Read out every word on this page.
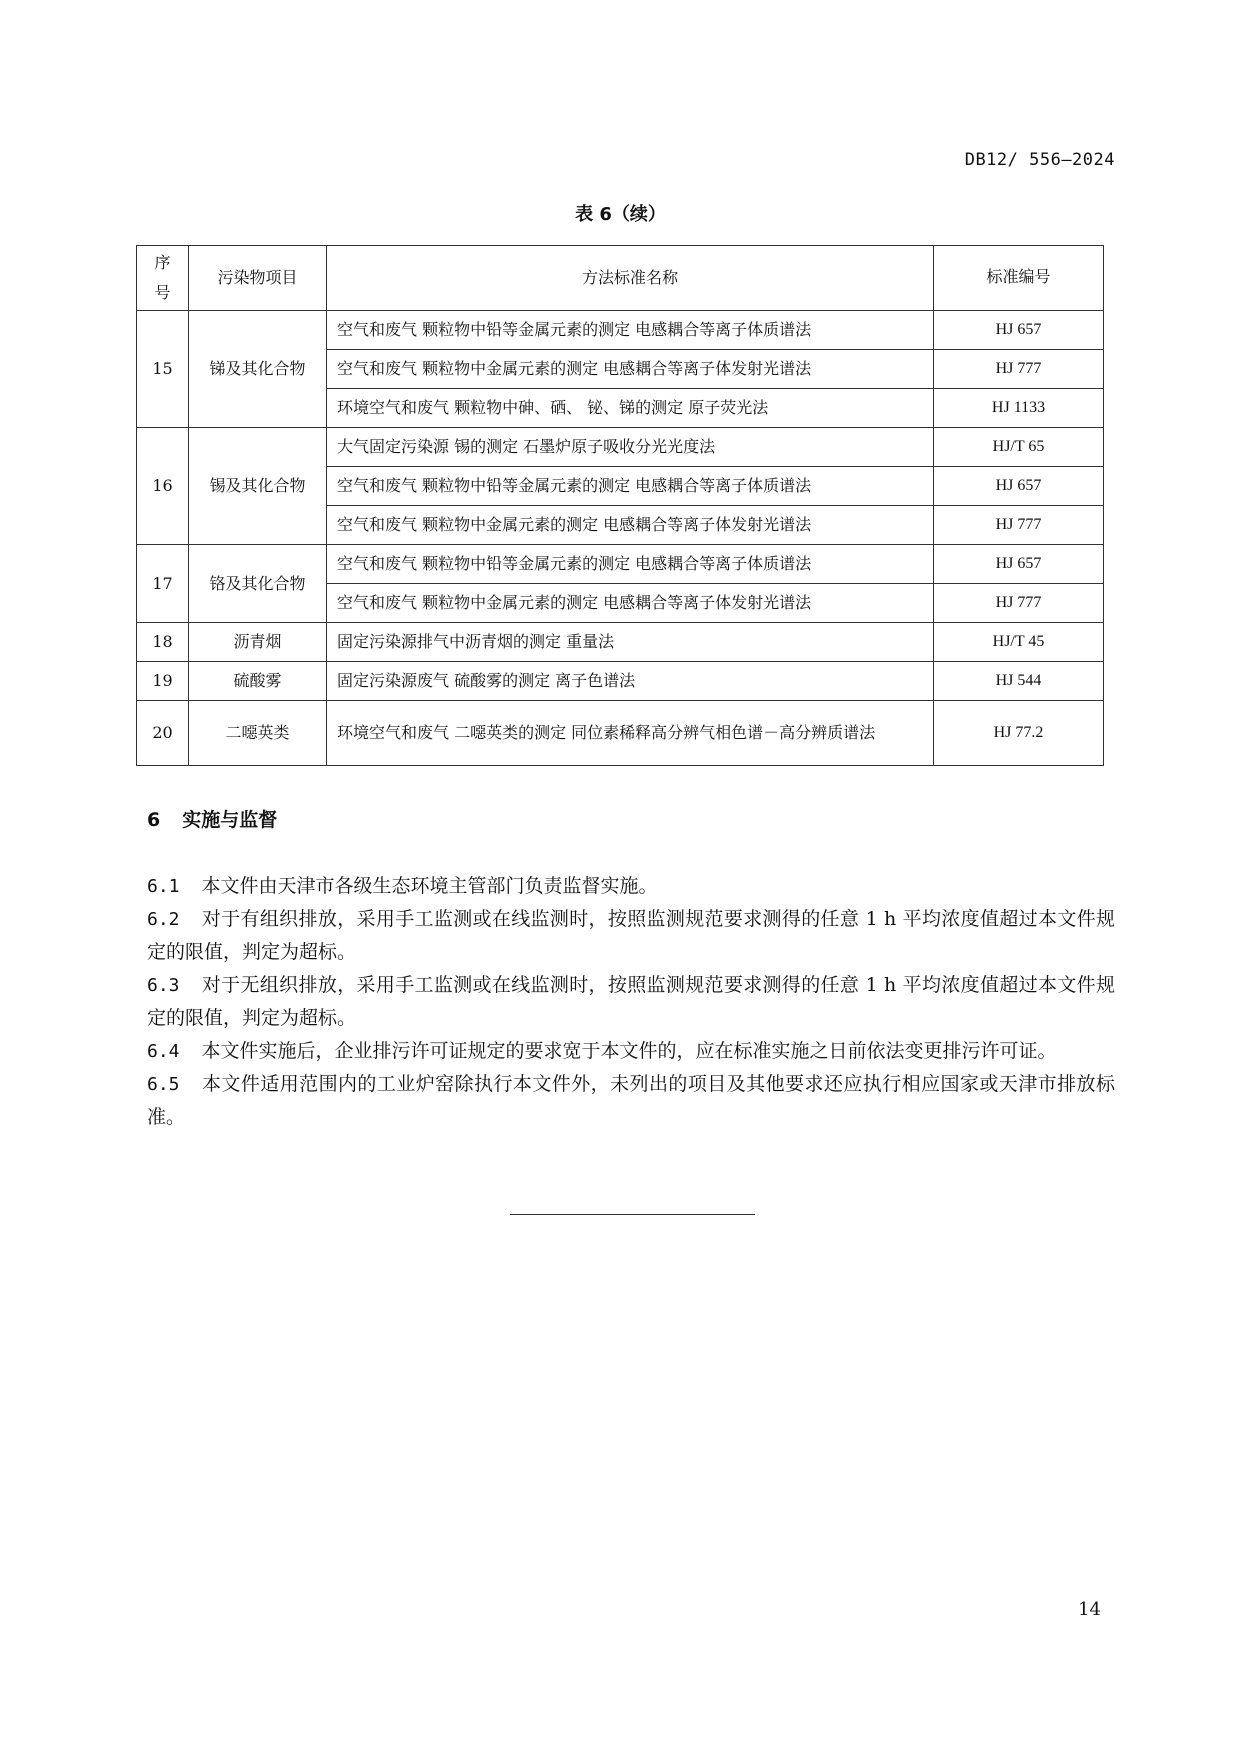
DB12/ 556—2024
表 6（续）
序
号	污染物项目	方法标准名称	标准编号
15	锑及其化合物	空气和废气 颗粒物中铅等金属元素的测定 电感耦合等离子体质谱法	HJ 657
		空气和废气 颗粒物中金属元素的测定 电感耦合等离子体发射光谱法	HJ 777
		环境空气和废气 颗粒物中砷、硒、 铋、锑的测定 原子荧光法	HJ 1133
16	锡及其化合物	大气固定污染源 锡的测定 石墨炉原子吸收分光光度法	HJ/T 65
		空气和废气 颗粒物中铅等金属元素的测定 电感耦合等离子体质谱法	HJ 657
		空气和废气 颗粒物中金属元素的测定 电感耦合等离子体发射光谱法	HJ 777
17	铬及其化合物	空气和废气 颗粒物中铅等金属元素的测定 电感耦合等离子体质谱法	HJ 657
		空气和废气 颗粒物中金属元素的测定 电感耦合等离子体发射光谱法	HJ 777
18	沥青烟	固定污染源排气中沥青烟的测定 重量法	HJ/T 45
19	硫酸雾	固定污染源废气 硫酸雾的测定 离子色谱法	HJ 544
20	二噁英类	环境空气和废气 二噁英类的测定 同位素稀释高分辨气相色谱－高分辨质谱法	HJ 77.2
6 实施与监督

6.1 本文件由天津市各级生态环境主管部门负责监督实施。

6.2 对于有组织排放，采用手工监测或在线监测时，按照监测规范要求测得的任意 1 h 平均浓度值超过本文件规定的限值，判定为超标。

6.3 对于无组织排放，采用手工监测或在线监测时，按照监测规范要求测得的任意 1 h 平均浓度值超过本文件规定的限值，判定为超标。

6.4 本文件实施后，企业排污许可证规定的要求宽于本文件的，应在标准实施之日前依法变更排污许可证。

6.5 本文件适用范围内的工业炉窑除执行本文件外，未列出的项目及其他要求还应执行相应国家或天津市排放标准。

14
